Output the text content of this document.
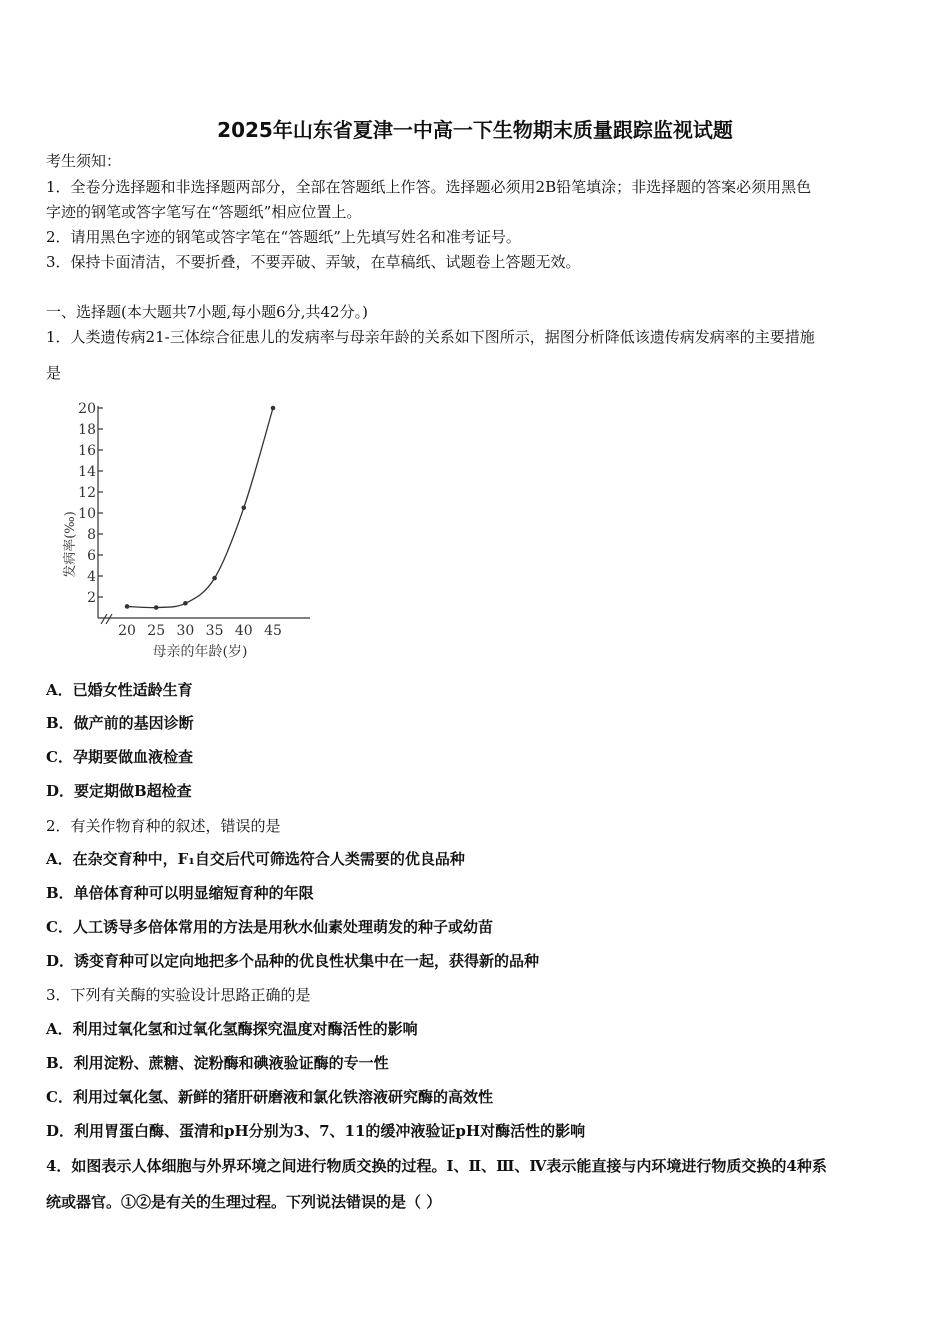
2025年山东省夏津一中高一下生物期末质量跟踪监视试题
考生须知：
1．全卷分选择题和非选择题两部分，全部在答题纸上作答。选择题必须用2B铅笔填涂；非选择题的答案必须用黑色
字迹的钢笔或答字笔写在“答题纸”相应位置上。
2．请用黑色字迹的钢笔或答字笔在“答题纸”上先填写姓名和准考证号。
3．保持卡面清洁，不要折叠，不要弄破、弄皱，在草稿纸、试题卷上答题无效。
一、选择题(本大题共7小题,每小题6分,共42分。)
1．人类遗传病21-三体综合征患儿的发病率与母亲年龄的关系如下图所示，据图分析降低该遗传病发病率的主要措施
是
2
4
6
8
10
12
14
16
18
20
20 25 30 35 40 45
母亲的年龄(岁)
发病率(‰)
A．已婚女性适龄生育
B．做产前的基因诊断
C．孕期要做血液检查
D．要定期做B超检查
2．有关作物育种的叙述，错误的是
A．在杂交育种中，F₁自交后代可筛选符合人类需要的优良品种
B．单倍体育种可以明显缩短育种的年限
C．人工诱导多倍体常用的方法是用秋水仙素处理萌发的种子或幼苗
D．诱变育种可以定向地把多个品种的优良性状集中在一起，获得新的品种
3．下列有关酶的实验设计思路正确的是
A．利用过氧化氢和过氧化氢酶探究温度对酶活性的影响
B．利用淀粉、蔗糖、淀粉酶和碘液验证酶的专一性
C．利用过氧化氢、新鲜的猪肝研磨液和氯化铁溶液研究酶的高效性
D．利用胃蛋白酶、蛋清和pH分别为3、7、11的缓冲液验证pH对酶活性的影响
4．如图表示人体细胞与外界环境之间进行物质交换的过程。Ⅰ、Ⅱ、Ⅲ、Ⅳ表示能直接与内环境进行物质交换的4种系
统或器官。①②是有关的生理过程。下列说法错误的是（ ）
